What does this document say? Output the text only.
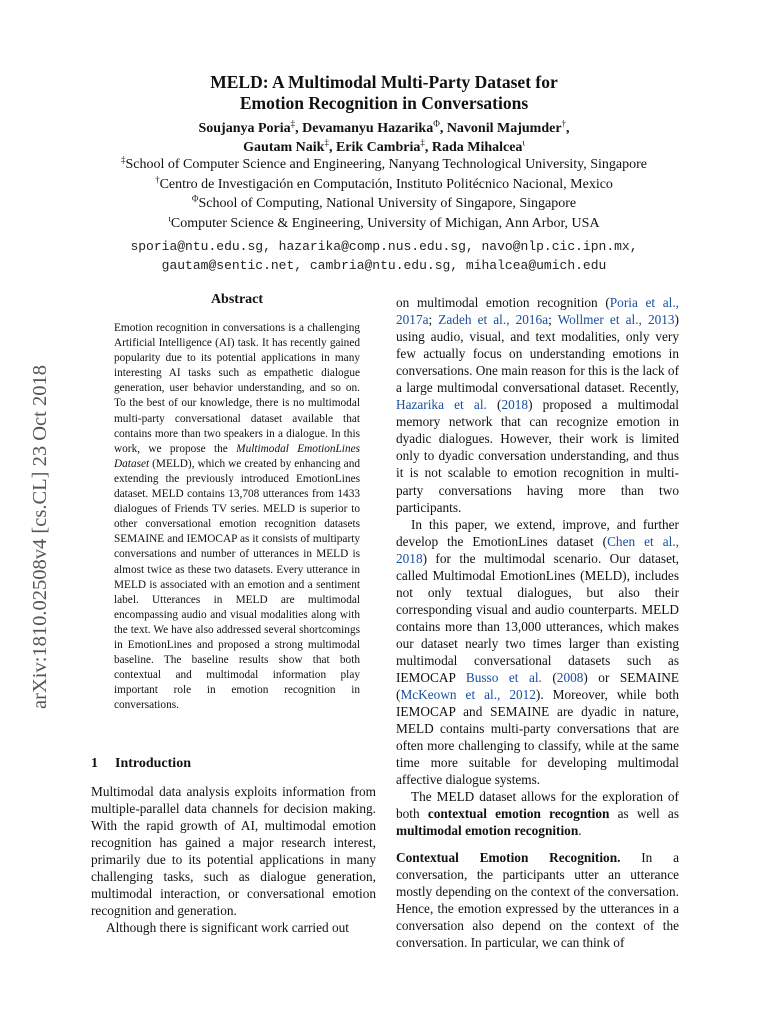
arXiv:1810.02508v4 [cs.CL] 23 Oct 2018
MELD: A Multimodal Multi-Party Dataset for
Emotion Recognition in Conversations
Soujanya Poria‡, Devamanyu Hazarika$^\Phi$, Navonil Majumder†,
Gautam Naik‡, Erik Cambria‡, Rada Mihalcea$^\iota$
‡School of Computer Science and Engineering, Nanyang Technological University, Singapore
†Centro de Investigación en Computación, Instituto Politécnico Nacional, Mexico
$^\Phi$School of Computing, National University of Singapore, Singapore
$^\iota$Computer Science & Engineering, University of Michigan, Ann Arbor, USA
sporia@ntu.edu.sg, hazarika@comp.nus.edu.sg, navo@nlp.cic.ipn.mx,
gautam@sentic.net, cambria@ntu.edu.sg, mihalcea@umich.edu
Abstract
Emotion recognition in conversations is a challenging Artificial Intelligence (AI) task. It has recently gained popularity due to its potential applications in many interesting AI tasks such as empathetic dialogue generation, user behavior understanding, and so on. To the best of our knowledge, there is no multimodal multi-party conversational dataset available that contains more than two speakers in a dialogue. In this work, we propose the Multimodal EmotionLines Dataset (MELD), which we created by enhancing and extending the previously introduced EmotionLines dataset. MELD contains 13,708 utterances from 1433 dialogues of Friends TV series. MELD is superior to other conversational emotion recognition datasets SEMAINE and IEMOCAP as it consists of multiparty conversations and number of utterances in MELD is almost twice as these two datasets. Every utterance in MELD is associated with an emotion and a sentiment label. Utterances in MELD are multimodal encompassing audio and visual modalities along with the text. We have also addressed several shortcomings in EmotionLines and proposed a strong multimodal baseline. The baseline results show that both contextual and multimodal information play important role in emotion recognition in conversations.
1 Introduction

Multimodal data analysis exploits information from multiple-parallel data channels for decision making. With the rapid growth of AI, multimodal emotion recognition has gained a major research interest, primarily due to its potential applications in many challenging tasks, such as dialogue generation, multimodal interaction, or conversational emotion recognition and generation.

Although there is significant work carried out

on multimodal emotion recognition (Poria et al., 2017a; Zadeh et al., 2016a; Wollmer et al., 2013) using audio, visual, and text modalities, only very few actually focus on understanding emotions in conversations. One main reason for this is the lack of a large multimodal conversational dataset. Recently, Hazarika et al. (2018) proposed a multimodal memory network that can recognize emotion in dyadic dialogues. However, their work is limited only to dyadic conversation understanding, and thus it is not scalable to emotion recognition in multi-party conversations having more than two participants.

In this paper, we extend, improve, and further develop the EmotionLines dataset (Chen et al., 2018) for the multimodal scenario. Our dataset, called Multimodal EmotionLines (MELD), includes not only textual dialogues, but also their corresponding visual and audio counterparts. MELD contains more than 13,000 utterances, which makes our dataset nearly two times larger than existing multimodal conversational datasets such as IEMOCAP Busso et al. (2008) or SEMAINE (McKeown et al., 2012). Moreover, while both IEMOCAP and SEMAINE are dyadic in nature, MELD contains multi-party conversations that are often more challenging to classify, while at the same time more suitable for developing multimodal affective dialogue systems.

The MELD dataset allows for the exploration of both contextual emotion recogntion as well as multimodal emotion recognition.

Contextual Emotion Recognition. In a conversation, the participants utter an utterance mostly depending on the context of the conversation. Hence, the emotion expressed by the utterances in a conversation also depend on the context of the conversation. In particular, we can think of
